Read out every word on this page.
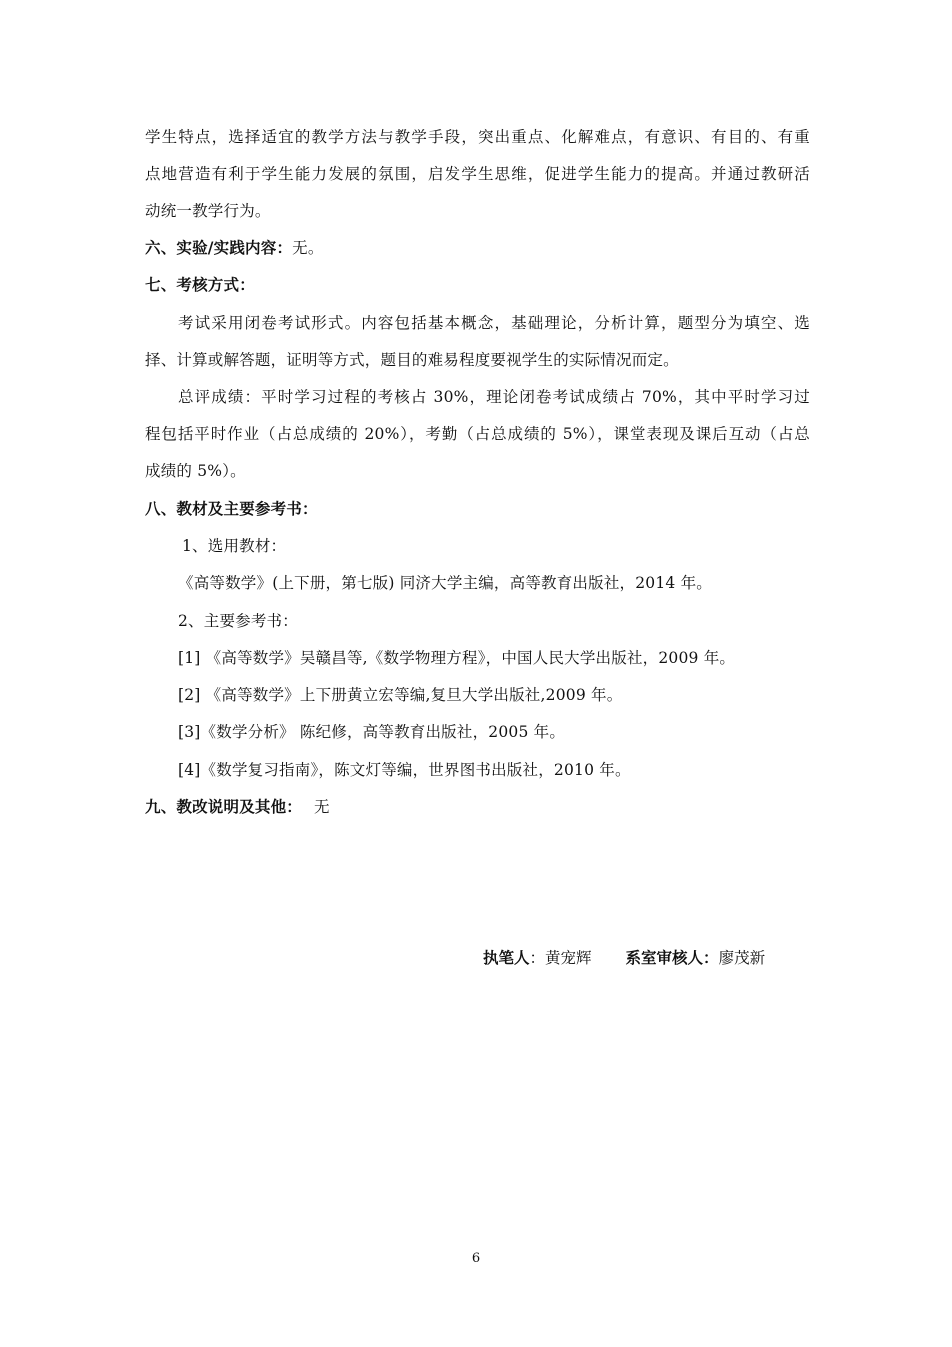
学生特点，选择适宜的教学方法与教学手段，突出重点、化解难点，有意识、有目的、有重
点地营造有利于学生能力发展的氛围，启发学生思维，促进学生能力的提高。并通过教研活
动统一教学行为。
六、实验/实践内容：无。
七、考核方式：
考试采用闭卷考试形式。内容包括基本概念，基础理论，分析计算，题型分为填空、选
择、计算或解答题，证明等方式，题目的难易程度要视学生的实际情况而定。
总评成绩：平时学习过程的考核占 30%，理论闭卷考试成绩占 70%，其中平时学习过
程包括平时作业（占总成绩的 20%），考勤（占总成绩的 5%），课堂表现及课后互动（占总
成绩的 5%）。
八、教材及主要参考书：
1、选用教材：
《高等数学》(上下册，第七版) 同济大学主编，高等教育出版社，2014 年。
2、主要参考书：
[1] 《高等数学》吴赣昌等,《数学物理方程》，中国人民大学出版社，2009 年。
[2] 《高等数学》上下册黄立宏等编,复旦大学出版社,2009 年。
[3]《数学分析》 陈纪修，高等教育出版社，2005 年。
[4]《数学复习指南》，陈文灯等编，世界图书出版社，2010 年。
九、教改说明及其他： 无
执笔人：黄宠辉 系室审核人：廖茂新
6
